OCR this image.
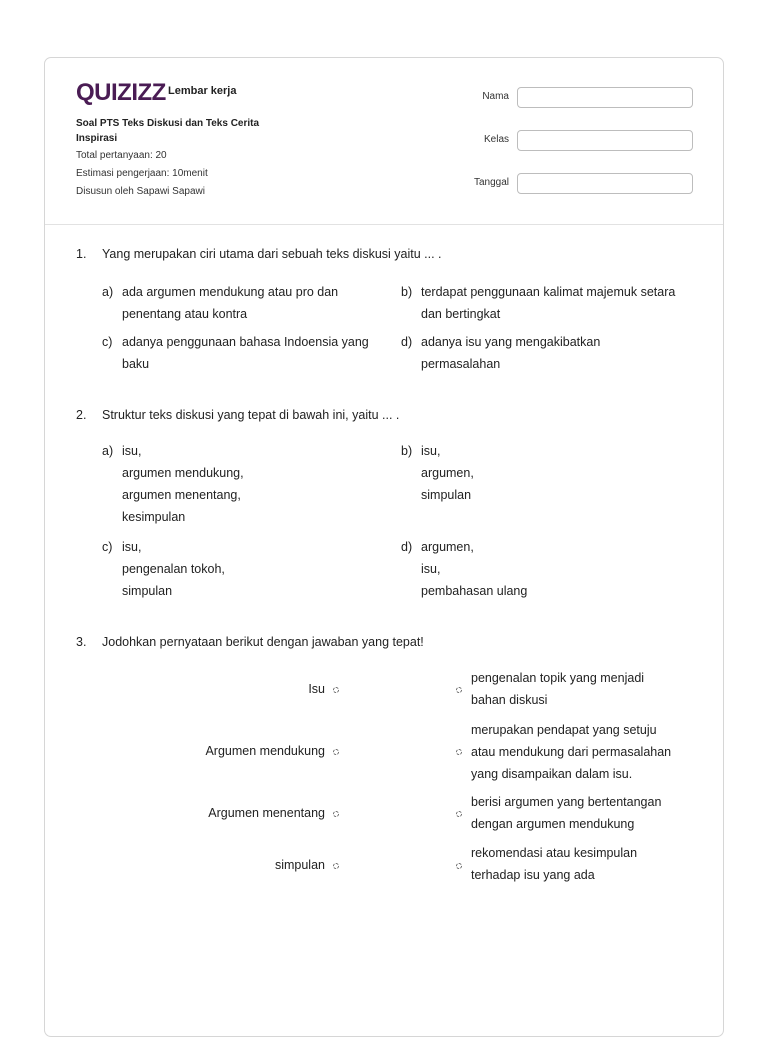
QUIZIZZ Lembar kerja
Soal PTS Teks Diskusi dan Teks Cerita Inspirasi
Total pertanyaan: 20
Estimasi pengerjaan: 10menit
Disusun oleh Sapawi Sapawi
Nama
Kelas
Tanggal
1. Yang merupakan ciri utama dari sebuah teks diskusi yaitu ... .
a) ada argumen mendukung atau pro dan
penentang atau kontra
b) terdapat penggunaan kalimat majemuk setara
dan bertingkat
c) adanya penggunaan bahasa Indoensia yang
baku
d) adanya isu yang mengakibatkan
permasalahan
2. Struktur teks diskusi yang tepat di bawah ini, yaitu ... .
a) isu,
argumen mendukung,
argumen menentang,
kesimpulan
b) isu,
argumen,
simpulan
c) isu,
pengenalan tokoh,
simpulan
d) argumen,
isu,
pembahasan ulang
3. Jodohkan pernyataan berikut dengan jawaban yang tepat!
Isu
pengenalan topik yang menjadi
bahan diskusi
Argumen mendukung
merupakan pendapat yang setuju
atau mendukung dari permasalahan
yang disampaikan dalam isu.
Argumen menentang
berisi argumen yang bertentangan
dengan argumen mendukung
simpulan
rekomendasi atau kesimpulan
terhadap isu yang ada
